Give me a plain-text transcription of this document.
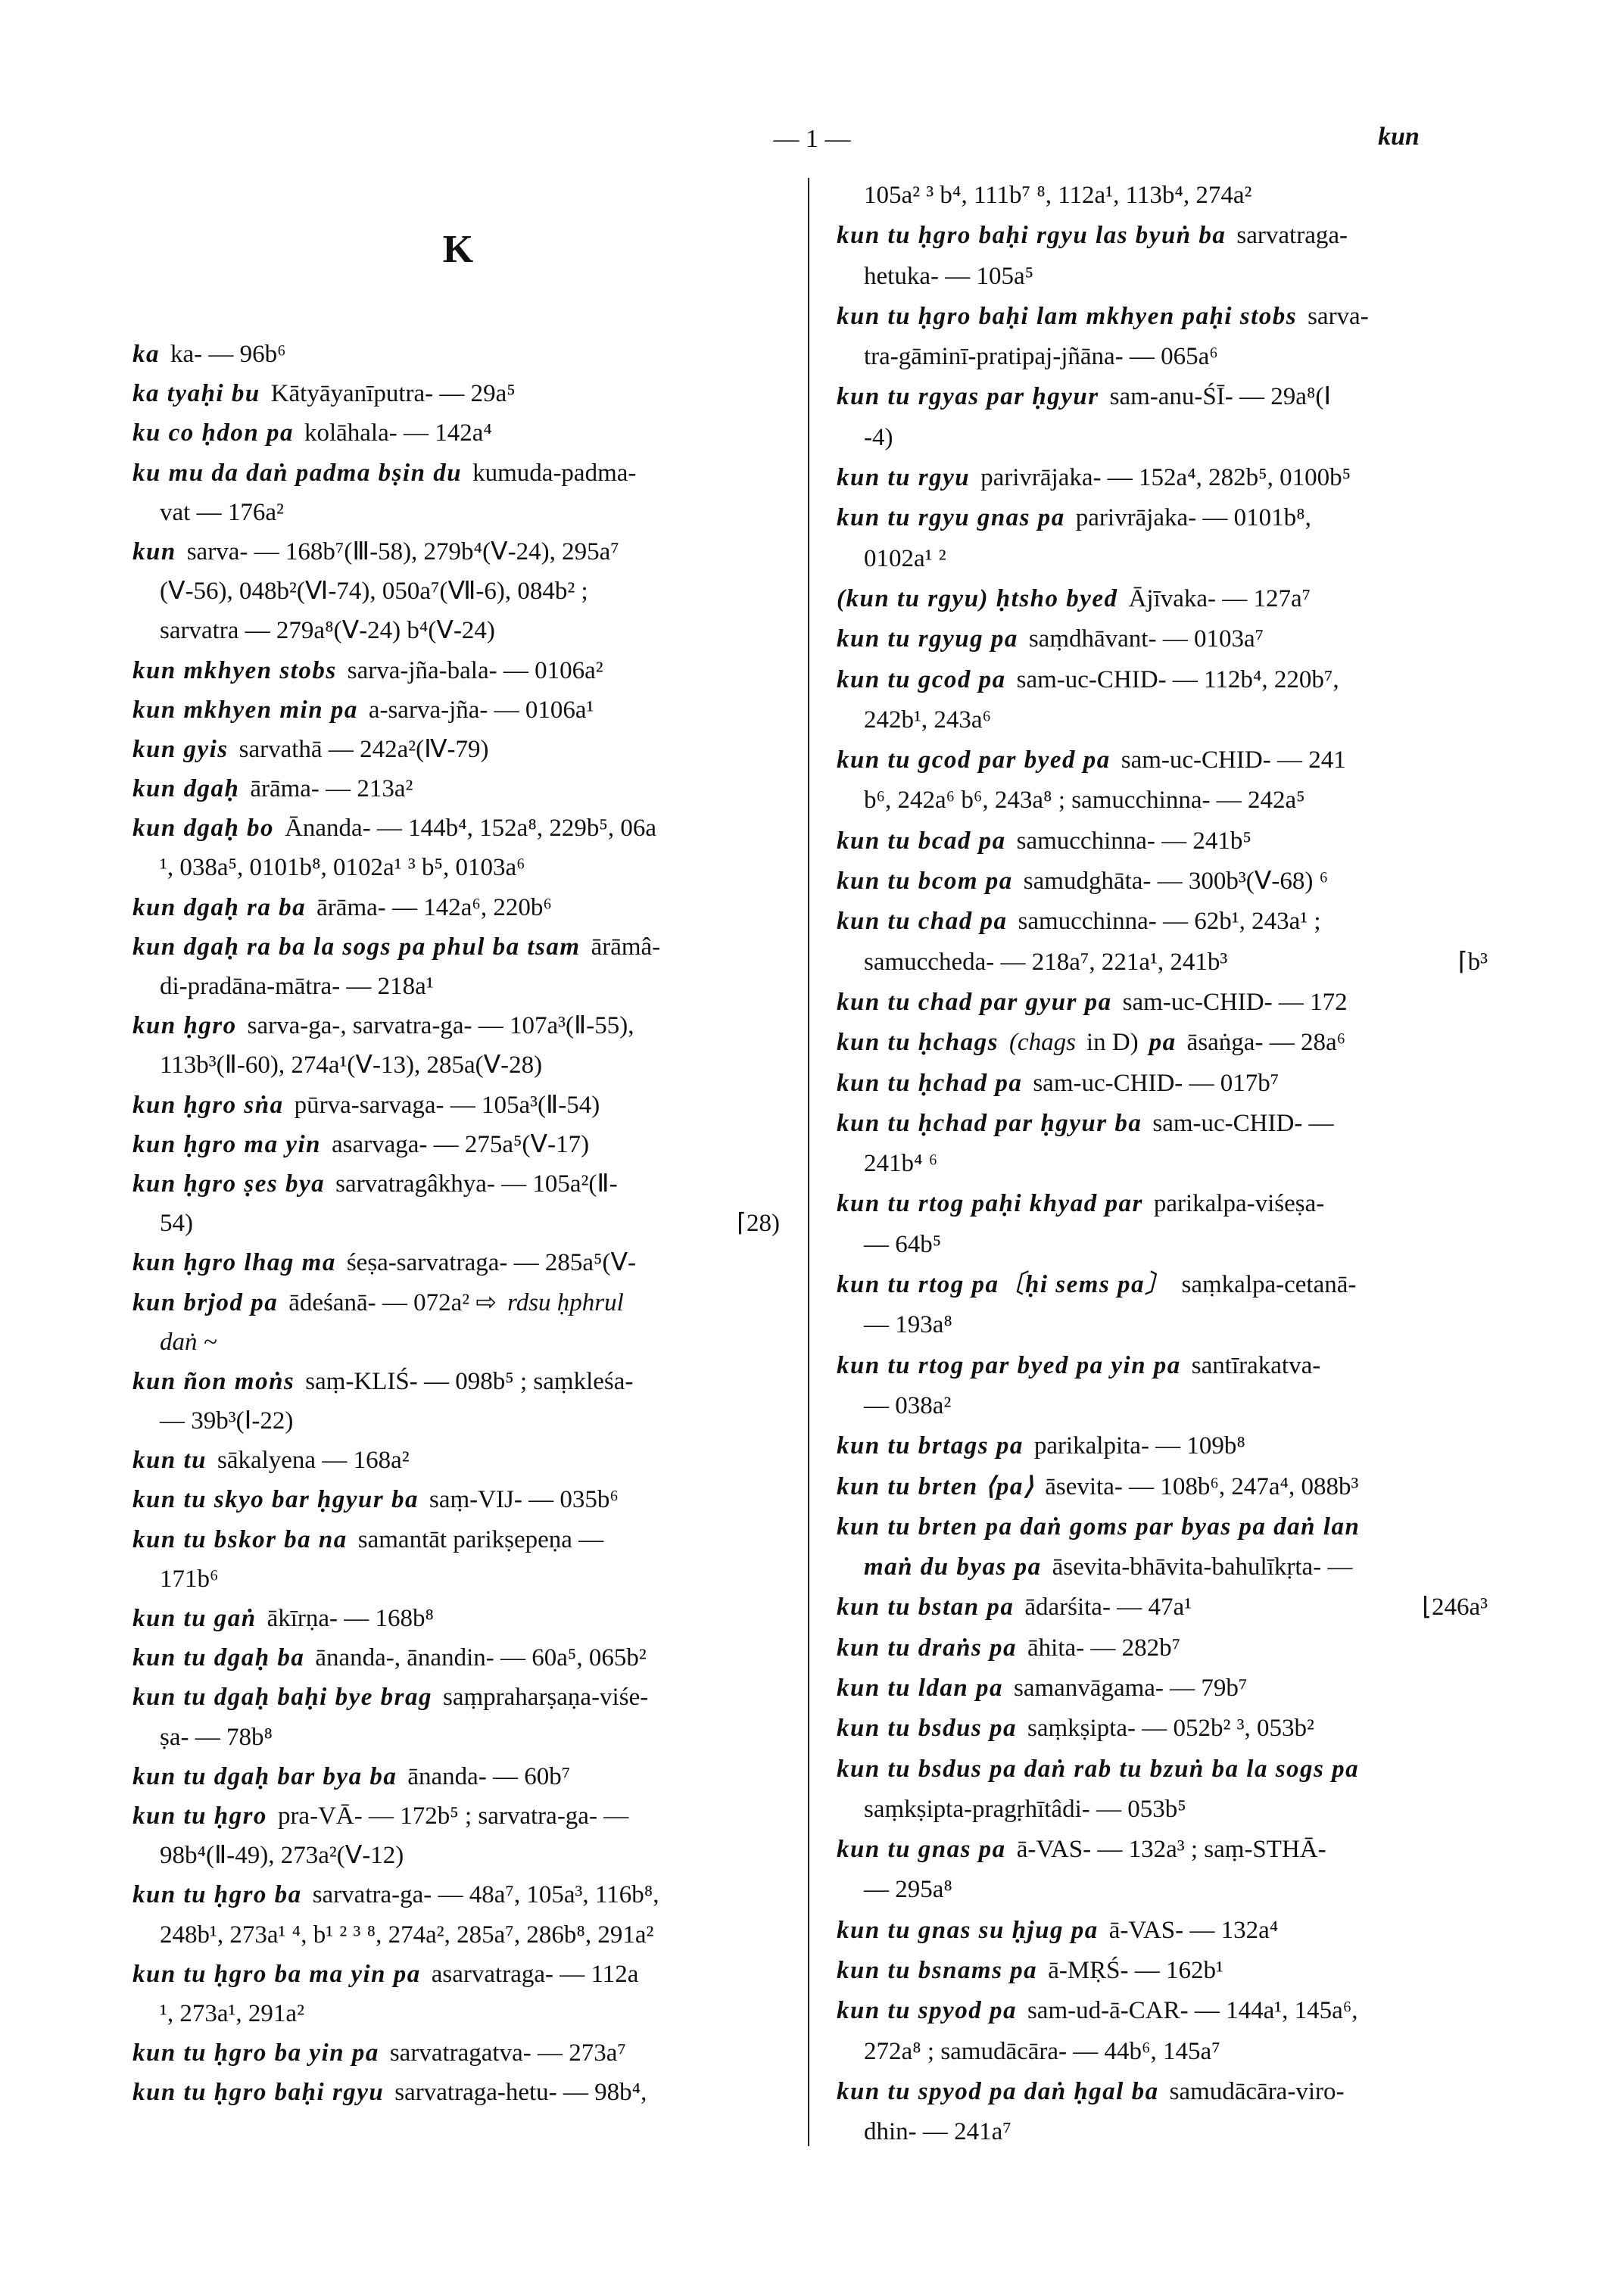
— 1 —	kun
K
ka ka- — 96b⁶
ka tyaḥi bu Kātyāyanīputra- — 29a⁵
ku co ḥdon pa kolāhala- — 142a⁴
ku mu da daṅ padma bṣin du kumuda-padma-
vat — 176a²
kun sarva- — 168b⁷(Ⅲ-58), 279b⁴(Ⅴ-24), 295a⁷
(Ⅴ-56), 048b²(Ⅵ-74), 050a⁷(Ⅶ-6), 084b² ;
sarvatra — 279a⁸(Ⅴ-24) b⁴(Ⅴ-24)
kun mkhyen stobs sarva-jña-bala- — 0106a²
kun mkhyen min pa a-sarva-jña- — 0106a¹
kun gyis sarvathā — 242a²(Ⅳ-79)
kun dgaḥ ārāma- — 213a²
kun dgaḥ bo Ānanda- — 144b⁴, 152a⁸, 229b⁵, 06a
¹, 038a⁵, 0101b⁸, 0102a¹ ³ b⁵, 0103a⁶
kun dgaḥ ra ba ārāma- — 142a⁶, 220b⁶
kun dgaḥ ra ba la sogs pa phul ba tsam ārāmâ-
di-pradāna-mātra- — 218a¹
kun ḥgro sarva-ga-, sarvatra-ga- — 107a³(Ⅱ-55),
113b³(Ⅱ-60), 274a¹(Ⅴ-13), 285a(Ⅴ-28)
kun ḥgro sṅa pūrva-sarvaga- — 105a³(Ⅱ-54)
kun ḥgro ma yin asarvaga- — 275a⁵(Ⅴ-17)
kun ḥgro ṣes bya sarvatragâkhya- — 105a²(Ⅱ-
54)	⌈28)
kun ḥgro lhag ma śeṣa-sarvatraga- — 285a⁵(Ⅴ-
kun brjod pa ādeśanā- — 072a² ⇨ rdsu ḥphrul
daṅ ~
kun ñon moṅs saṃ-KLIŚ- — 098b⁵ ; saṃkleśa-
— 39b³(Ⅰ-22)
kun tu sākalyena — 168a²
kun tu skyo bar ḥgyur ba saṃ-VIJ- — 035b⁶
kun tu bskor ba na samantāt parikṣepeṇa —
171b⁶
kun tu gaṅ ākīrṇa- — 168b⁸
kun tu dgaḥ ba ānanda-, ānandin- — 60a⁵, 065b²
kun tu dgaḥ baḥi bye brag saṃpraharṣaṇa-viśe-
ṣa- — 78b⁸
kun tu dgaḥ bar bya ba ānanda- — 60b⁷
kun tu ḥgro pra-VĀ- — 172b⁵ ; sarvatra-ga- —
98b⁴(Ⅱ-49), 273a²(Ⅴ-12)
kun tu ḥgro ba sarvatra-ga- — 48a⁷, 105a³, 116b⁸,
248b¹, 273a¹ ⁴, b¹ ² ³ ⁸, 274a², 285a⁷, 286b⁸, 291a²
kun tu ḥgro ba ma yin pa asarvatraga- — 112a
¹, 273a¹, 291a²
kun tu ḥgro ba yin pa sarvatragatva- — 273a⁷
kun tu ḥgro baḥi rgyu sarvatraga-hetu- — 98b⁴,
105a² ³ b⁴, 111b⁷ ⁸, 112a¹, 113b⁴, 274a²
kun tu ḥgro baḥi rgyu las byuṅ ba sarvatraga-
hetuka- — 105a⁵
kun tu ḥgro baḥi lam mkhyen paḥi stobs sarva-
tra-gāminī-pratipaj-jñāna- — 065a⁶
kun tu rgyas par ḥgyur sam-anu-ŚĪ- — 29a⁸(Ⅰ
-4)
kun tu rgyu parivrājaka- — 152a⁴, 282b⁵, 0100b⁵
kun tu rgyu gnas pa parivrājaka- — 0101b⁸,
0102a¹ ²
(kun tu rgyu) ḥtsho byed Ājīvaka- — 127a⁷
kun tu rgyug pa saṃdhāvant- — 0103a⁷
kun tu gcod pa sam-uc-CHID- — 112b⁴, 220b⁷,
242b¹, 243a⁶
kun tu gcod par byed pa sam-uc-CHID- — 241
b⁶, 242a⁶ b⁶, 243a⁸ ; samucchinna- — 242a⁵
kun tu bcad pa samucchinna- — 241b⁵
kun tu bcom pa samudghāta- — 300b³(Ⅴ-68) ⁶
kun tu chad pa samucchinna- — 62b¹, 243a¹ ;
samuccheda- — 218a⁷, 221a¹, 241b³	⌈b³
kun tu chad par gyur pa sam-uc-CHID- — 172
kun tu ḥchags (chags in D) pa āsaṅga- — 28a⁶
kun tu ḥchad pa sam-uc-CHID- — 017b⁷
kun tu ḥchad par ḥgyur ba sam-uc-CHID- —
241b⁴ ⁶
kun tu rtog paḥi khyad par parikalpa-viśeṣa-
— 64b⁵
kun tu rtog pa〔ḥi sems pa〕 saṃkalpa-cetanā-
— 193a⁸
kun tu rtog par byed pa yin pa santīrakatva-
— 038a²
kun tu brtags pa parikalpita- — 109b⁸
kun tu brten ⟨pa⟩ āsevita- — 108b⁶, 247a⁴, 088b³
kun tu brten pa daṅ goms par byas pa daṅ lan
maṅ du byas pa āsevita-bhāvita-bahulīkṛta- —
kun tu bstan pa ādarśita- — 47a¹	⌊246a³
kun tu draṅs pa āhita- — 282b⁷
kun tu ldan pa samanvāgama- — 79b⁷
kun tu bsdus pa saṃkṣipta- — 052b² ³, 053b²
kun tu bsdus pa daṅ rab tu bzuṅ ba la sogs pa
saṃkṣipta-pragṛhītâdi- — 053b⁵
kun tu gnas pa ā-VAS- — 132a³ ; saṃ-STHĀ-
— 295a⁸
kun tu gnas su ḥjug pa ā-VAS- — 132a⁴
kun tu bsnams pa ā-MṚŚ- — 162b¹
kun tu spyod pa sam-ud-ā-CAR- — 144a¹, 145a⁶,
272a⁸ ; samudācāra- — 44b⁶, 145a⁷
kun tu spyod pa daṅ ḥgal ba samudācāra-viro-
dhin- — 241a⁷
